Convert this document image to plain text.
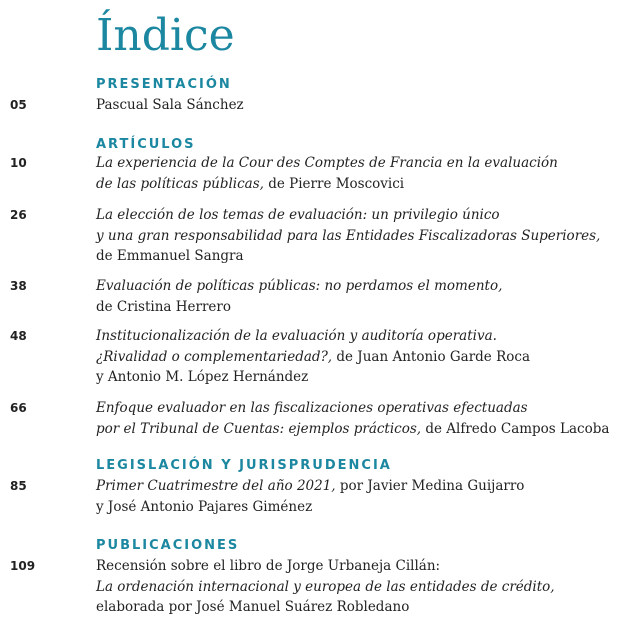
Índice
PRESENTACIÓN
05	Pascual Sala Sánchez
ARTÍCULOS
10	La experiencia de la Cour des Comptes de Francia en la evaluación
de las políticas públicas, de Pierre Moscovici
26	La elección de los temas de evaluación: un privilegio único
y una gran responsabilidad para las Entidades Fiscalizadoras Superiores,
de Emmanuel Sangra
38	Evaluación de políticas públicas: no perdamos el momento,
de Cristina Herrero
48	Institucionalización de la evaluación y auditoría operativa.
¿Rivalidad o complementariedad?, de Juan Antonio Garde Roca
y Antonio M. López Hernández
66	Enfoque evaluador en las fiscalizaciones operativas efectuadas
por el Tribunal de Cuentas: ejemplos prácticos, de Alfredo Campos Lacoba
LEGISLACIÓN Y JURISPRUDENCIA
85	Primer Cuatrimestre del año 2021, por Javier Medina Guijarro
y José Antonio Pajares Giménez
PUBLICACIONES
109	Recensión sobre el libro de Jorge Urbaneja Cillán:
La ordenación internacional y europea de las entidades de crédito,
elaborada por José Manuel Suárez Robledano
